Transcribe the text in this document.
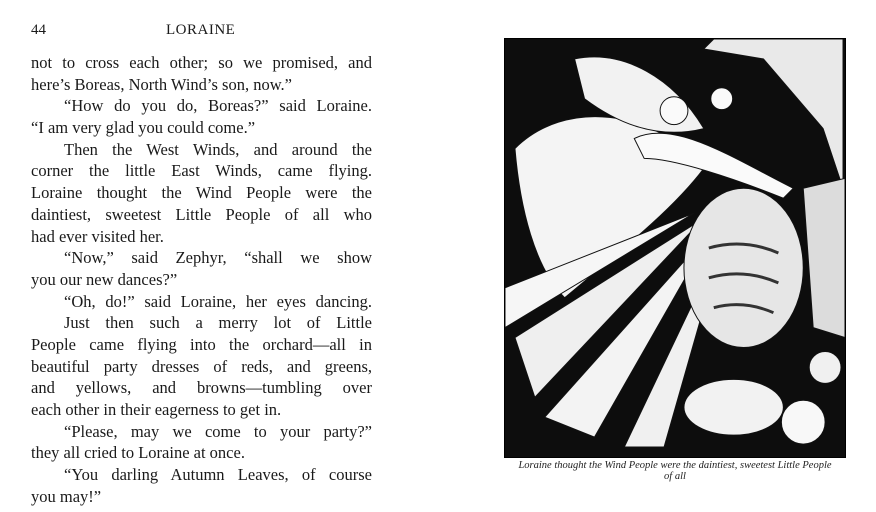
44	LORAINE
not to cross each other; so we promised, and
here’s Boreas, North Wind’s son, now.”
“How do you do, Boreas?” said Loraine.
“I am very glad you could come.”
Then the West Winds, and around the
corner the little East Winds, came flying.
Loraine thought the Wind People were the
daintiest, sweetest Little People of all who
had ever visited her.
“Now,” said Zephyr, “shall we show
you our new dances?”
“Oh, do!” said Loraine, her eyes dancing.
Just then such a merry lot of Little
People came flying into the orchard—all in
beautiful party dresses of reds, and greens,
and yellows, and browns—tumbling over
each other in their eagerness to get in.
“Please, may we come to your party?”
they all cried to Loraine at once.
“You darling Autumn Leaves, of course
you may!”
Loraine thought the Wind People were the daintiest, sweetest Little People
of all
